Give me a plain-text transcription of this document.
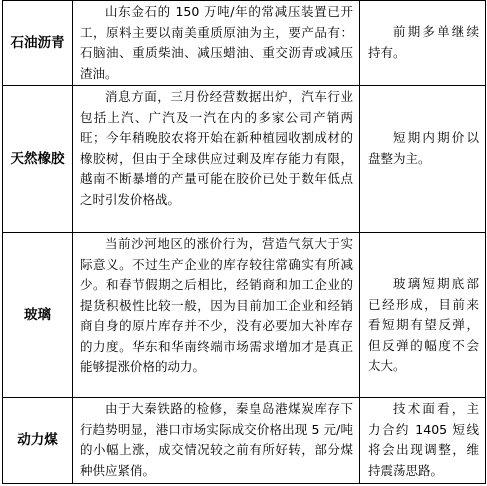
石油沥青	山东金石的 150 万吨/年的常减压装置已开工，原料主要以南美重质原油为主，要产品有：石脑油、重质柴油、减压蜡油、重交沥青或减压渣油。	前期多单继续持有。

天然橡胶	消息方面，三月份经营数据出炉，汽车行业包括上汽、广汽及一汽在内的多家公司产销两旺；今年稍晚胶农将开始在新种植园收割成材的橡胶树，但由于全球供应过剩及库存能力有限，越南不断暴增的产量可能在胶价已处于数年低点之时引发价格战。	短期内期价以盘整为主。

玻璃	当前沙河地区的涨价行为，营造气氛大于实际意义。不过生产企业的库存较往常确实有所减少。和春节假期之后相比，经销商和加工企业的提货积极性比较一般，因为目前加工企业和经销商自身的原片库存并不少，没有必要加大补库存的力度。华东和华南终端市场需求增加才是真正能够提涨价格的动力。	玻璃短期底部已经形成，目前来看短期有望反弹，但反弹的幅度不会太大。

动力煤	由于大秦铁路的检修，秦皇岛港煤炭库存下行趋势明显，港口市场实际成交价格出现 5 元/吨的小幅上涨，成交情况较之前有所好转，部分煤种供应紧俏。	技术面看，主力合约 1405 短线将会出现调整，维持震荡思路。
